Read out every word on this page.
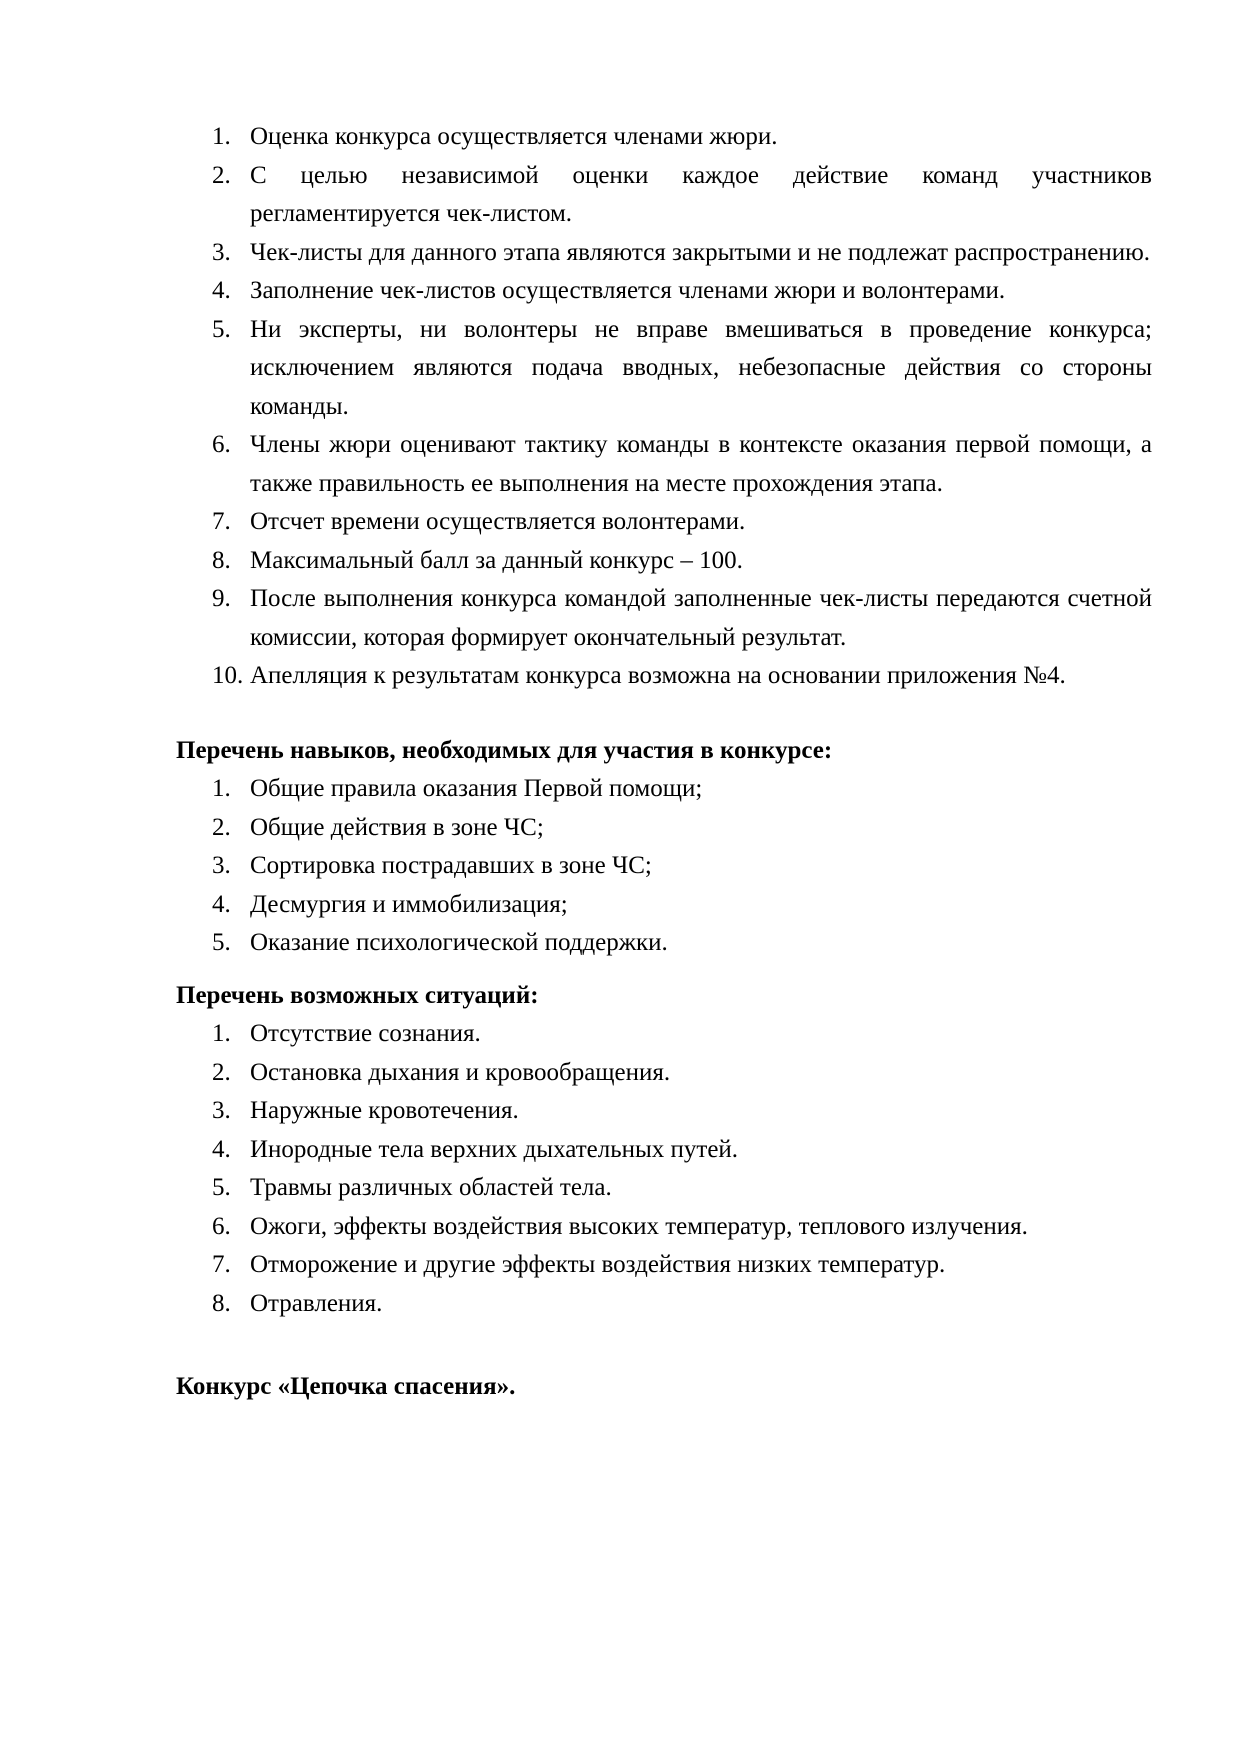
1. Оценка конкурса осуществляется членами жюри.
2. С целью независимой оценки каждое действие команд участников регламентируется чек-листом.
3. Чек-листы для данного этапа являются закрытыми и не подлежат распространению.
4. Заполнение чек-листов осуществляется членами жюри и волонтерами.
5. Ни эксперты, ни волонтеры не вправе вмешиваться в проведение конкурса; исключением являются подача вводных, небезопасные действия со стороны команды.
6. Члены жюри оценивают тактику команды в контексте оказания первой помощи, а также правильность ее выполнения на месте прохождения этапа.
7. Отсчет времени осуществляется волонтерами.
8. Максимальный балл за данный конкурс – 100.
9. После выполнения конкурса командой заполненные чек-листы передаются счетной комиссии, которая формирует окончательный результат.
10. Апелляция к результатам конкурса возможна на основании приложения №4.

Перечень навыков, необходимых для участия в конкурсе:

1. Общие правила оказания Первой помощи;
2. Общие действия в зоне ЧС;
3. Сортировка пострадавших в зоне ЧС;
4. Десмургия и иммобилизация;
5. Оказание психологической поддержки.

Перечень возможных ситуаций:

1. Отсутствие сознания.
2. Остановка дыхания и кровообращения.
3. Наружные кровотечения.
4. Инородные тела верхних дыхательных путей.
5. Травмы различных областей тела.
6. Ожоги, эффекты воздействия высоких температур, теплового излучения.
7. Отморожение и другие эффекты воздействия низких температур.
8. Отравления.

Конкурс «Цепочка спасения».
